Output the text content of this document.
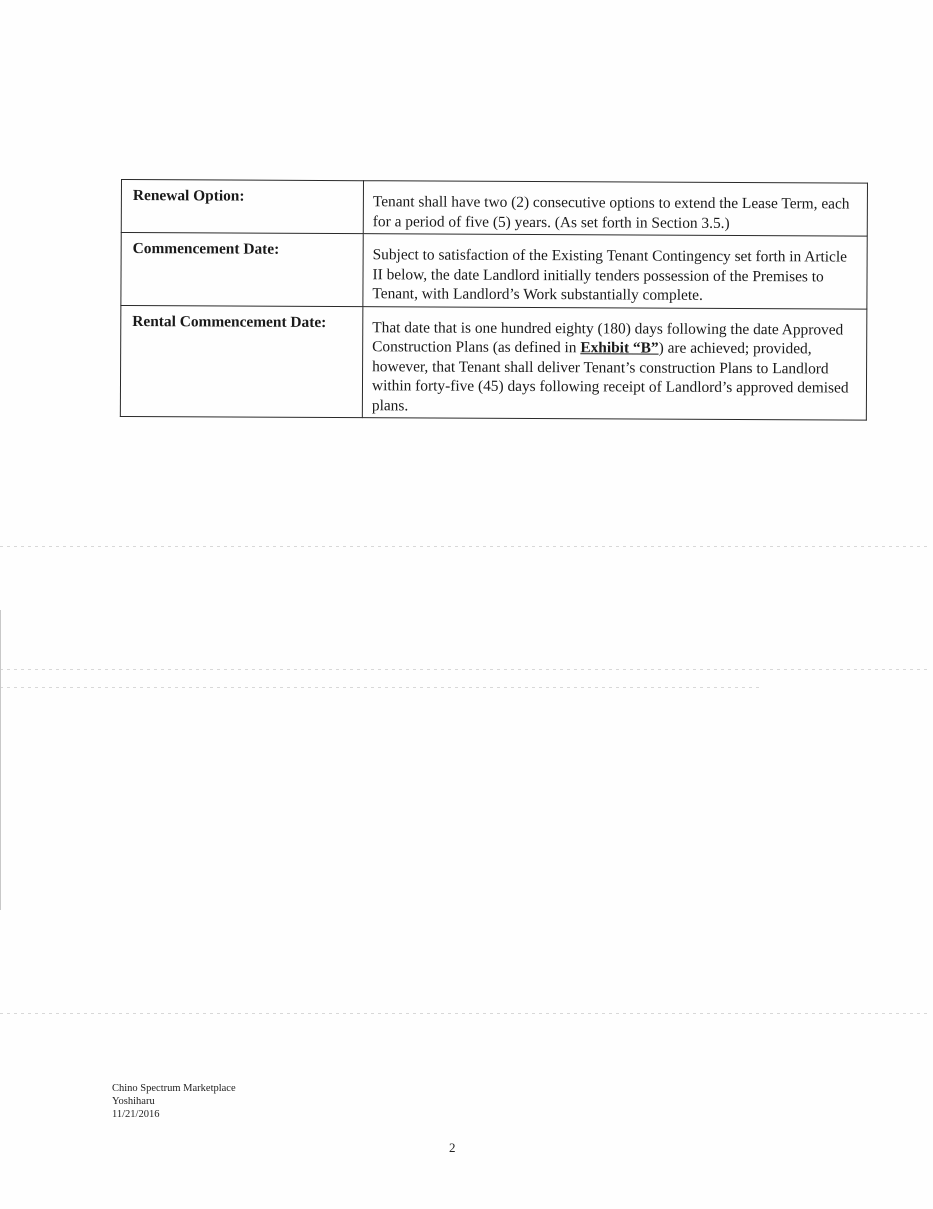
Renewal Option:	Tenant shall have two (2) consecutive options to extend the Lease Term, each for a period of five (5) years. (As set forth in Section 3.5.)
Commencement Date:	Subject to satisfaction of the Existing Tenant Contingency set forth in Article II below, the date Landlord initially tenders possession of the Premises to Tenant, with Landlord’s Work substantially complete.
Rental Commencement Date:	That date that is one hundred eighty (180) days following the date Approved Construction Plans (as defined in Exhibit “B”) are achieved; provided, however, that Tenant shall deliver Tenant’s construction Plans to Landlord within forty-five (45) days following receipt of Landlord’s approved demised plans.
Chino Spectrum Marketplace
Yoshiharu
11/21/2016
2
